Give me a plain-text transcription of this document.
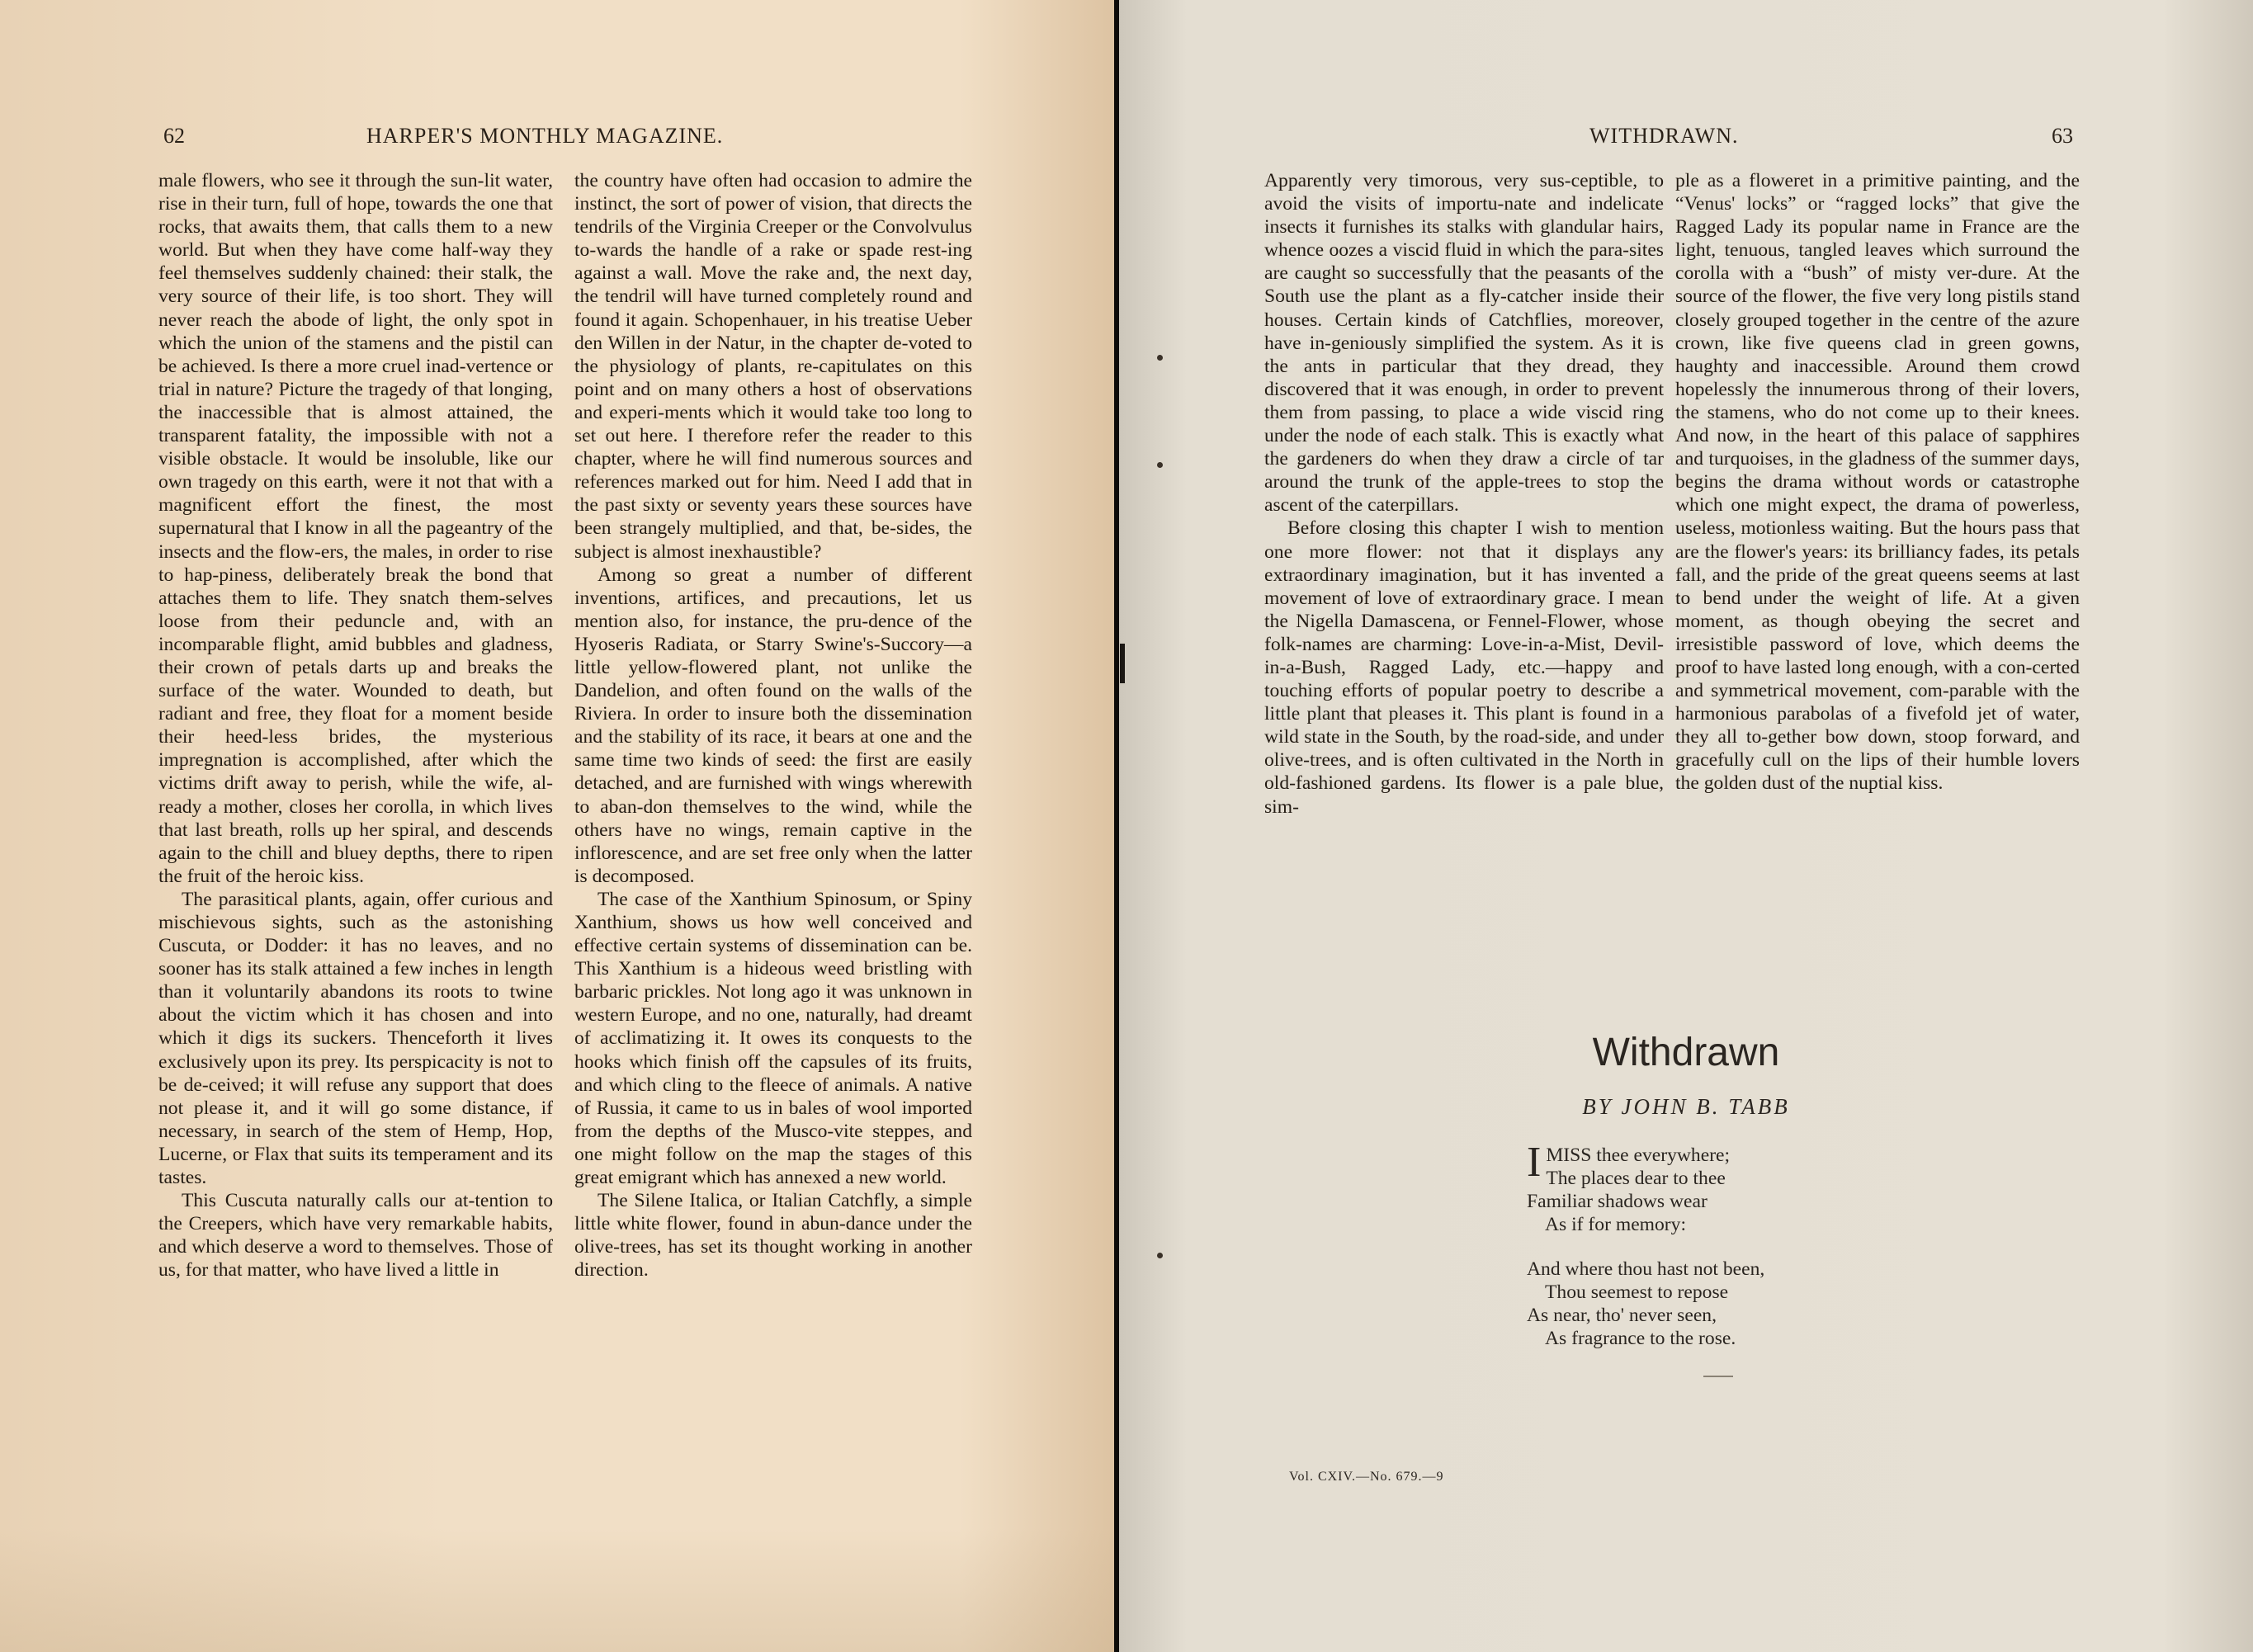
62	HARPER'S MONTHLY MAGAZINE.

male flowers, who see it through the sun-lit water, rise in their turn, full of hope, towards the one that rocks, that awaits them, that calls them to a new world. But when they have come half-way they feel themselves suddenly chained: their stalk, the very source of their life, is too short. They will never reach the abode of light, the only spot in which the union of the stamens and the pistil can be achieved. Is there a more cruel inad-vertence or trial in nature? Picture the tragedy of that longing, the inaccessible that is almost attained, the transparent fatality, the impossible with not a visible obstacle. It would be insoluble, like our own tragedy on this earth, were it not that with a magnificent effort the finest, the most supernatural that I know in all the pageantry of the insects and the flow-ers, the males, in order to rise to hap-piness, deliberately break the bond that attaches them to life. They snatch them-selves loose from their peduncle and, with an incomparable flight, amid bubbles and gladness, their crown of petals darts up and breaks the surface of the water. Wounded to death, but radiant and free, they float for a moment beside their heed-less brides, the mysterious impregnation is accomplished, after which the victims drift away to perish, while the wife, al-ready a mother, closes her corolla, in which lives that last breath, rolls up her spiral, and descends again to the chill and bluey depths, there to ripen the fruit of the heroic kiss.

The parasitical plants, again, offer curious and mischievous sights, such as the astonishing Cuscuta, or Dodder: it has no leaves, and no sooner has its stalk attained a few inches in length than it voluntarily abandons its roots to twine about the victim which it has chosen and into which it digs its suckers. Thenceforth it lives exclusively upon its prey. Its perspicacity is not to be de-ceived; it will refuse any support that does not please it, and it will go some distance, if necessary, in search of the stem of Hemp, Hop, Lucerne, or Flax that suits its temperament and its tastes.

This Cuscuta naturally calls our at-tention to the Creepers, which have very remarkable habits, and which deserve a word to themselves. Those of us, for that matter, who have lived a little in

the country have often had occasion to admire the instinct, the sort of power of vision, that directs the tendrils of the Virginia Creeper or the Convolvulus to-wards the handle of a rake or spade rest-ing against a wall. Move the rake and, the next day, the tendril will have turned completely round and found it again. Schopenhauer, in his treatise Ueber den Willen in der Natur, in the chapter de-voted to the physiology of plants, re-capitulates on this point and on many others a host of observations and experi-ments which it would take too long to set out here. I therefore refer the reader to this chapter, where he will find numerous sources and references marked out for him. Need I add that in the past sixty or seventy years these sources have been strangely multiplied, and that, be-sides, the subject is almost inexhaustible?

Among so great a number of different inventions, artifices, and precautions, let us mention also, for instance, the pru-dence of the Hyoseris Radiata, or Starry Swine's-Succory—a little yellow-flowered plant, not unlike the Dandelion, and often found on the walls of the Riviera. In order to insure both the dissemination and the stability of its race, it bears at one and the same time two kinds of seed: the first are easily detached, and are furnished with wings wherewith to aban-don themselves to the wind, while the others have no wings, remain captive in the inflorescence, and are set free only when the latter is decomposed.

The case of the Xanthium Spinosum, or Spiny Xanthium, shows us how well conceived and effective certain systems of dissemination can be. This Xanthium is a hideous weed bristling with barbaric prickles. Not long ago it was unknown in western Europe, and no one, naturally, had dreamt of acclimatizing it. It owes its conquests to the hooks which finish off the capsules of its fruits, and which cling to the fleece of animals. A native of Russia, it came to us in bales of wool imported from the depths of the Musco-vite steppes, and one might follow on the map the stages of this great emigrant which has annexed a new world.

The Silene Italica, or Italian Catchfly, a simple little white flower, found in abun-dance under the olive-trees, has set its thought working in another direction.

WITHDRAWN.	63

Apparently very timorous, very sus-ceptible, to avoid the visits of importu-nate and indelicate insects it furnishes its stalks with glandular hairs, whence oozes a viscid fluid in which the para-sites are caught so successfully that the peasants of the South use the plant as a fly-catcher inside their houses. Certain kinds of Catchflies, moreover, have in-geniously simplified the system. As it is the ants in particular that they dread, they discovered that it was enough, in order to prevent them from passing, to place a wide viscid ring under the node of each stalk. This is exactly what the gardeners do when they draw a circle of tar around the trunk of the apple-trees to stop the ascent of the caterpillars.

Before closing this chapter I wish to mention one more flower: not that it displays any extraordinary imagination, but it has invented a movement of love of extraordinary grace. I mean the Nigella Damascena, or Fennel-Flower, whose folk-names are charming: Love-in-a-Mist, Devil-in-a-Bush, Ragged Lady, etc.—happy and touching efforts of popular poetry to describe a little plant that pleases it. This plant is found in a wild state in the South, by the road-side, and under olive-trees, and is often cultivated in the North in old-fashioned gardens. Its flower is a pale blue, sim-

ple as a floweret in a primitive painting, and the “Venus' locks” or “ragged locks” that give the Ragged Lady its popular name in France are the light, tenuous, tangled leaves which surround the corolla with a “bush” of misty ver-dure. At the source of the flower, the five very long pistils stand closely grouped together in the centre of the azure crown, like five queens clad in green gowns, haughty and inaccessible. Around them crowd hopelessly the innumerous throng of their lovers, the stamens, who do not come up to their knees. And now, in the heart of this palace of sapphires and turquoises, in the gladness of the summer days, begins the drama without words or catastrophe which one might expect, the drama of powerless, useless, motionless waiting. But the hours pass that are the flower's years: its brilliancy fades, its petals fall, and the pride of the great queens seems at last to bend under the weight of life. At a given moment, as though obeying the secret and irresistible password of love, which deems the proof to have lasted long enough, with a con-certed and symmetrical movement, com-parable with the harmonious parabolas of a fivefold jet of water, they all to-gether bow down, stoop forward, and gracefully cull on the lips of their humble lovers the golden dust of the nuptial kiss.

Withdrawn
BY JOHN B. TABB
IMISS thee everywhere;
The places dear to thee
Familiar shadows wear
As if for memory:
And where thou hast not been,
Thou seemest to repose
As near, tho' never seen,
As fragrance to the rose.
Vol. CXIV.—No. 679.—9
